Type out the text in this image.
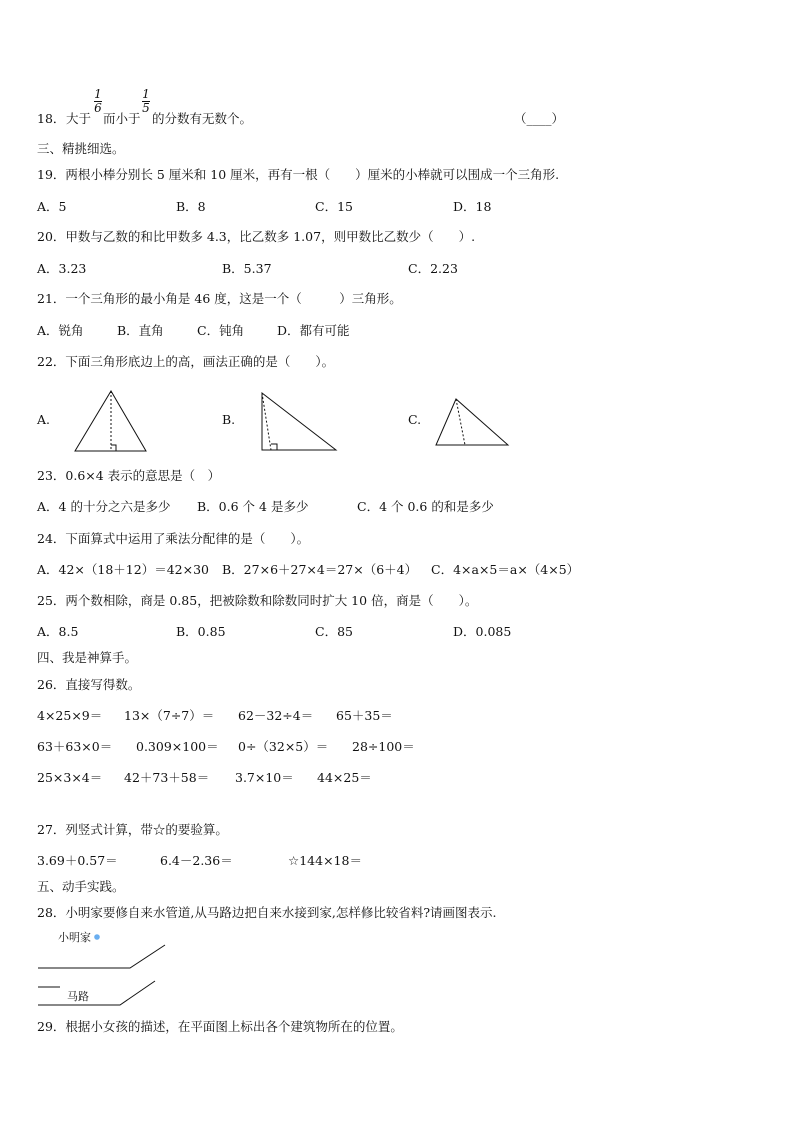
18． 大于
1
6
而小于
1
5
的分数有无数个。	（____）
三、精挑细选。
19．两根小棒分别长 5 厘米和 10 厘米，再有一根（　　）厘米的小棒就可以围成一个三角形.
A．5	B．8	C．15	D．18
20．甲数与乙数的和比甲数多 4.3，比乙数多 1.07，则甲数比乙数少（　　）.
A．3.23	B．5.37	C．2.23
21．一个三角形的最小角是 46 度，这是一个（　　　）三角形。
A．锐角	B．直角	C．钝角	D．都有可能
22．下面三角形底边上的高，画法正确的是（　　）。
A.	B.	C.
23．0.6×4 表示的意思是（　）
A．4 的十分之六是多少 B．0.6 个 4 是多少	C．4 个 0.6 的和是多少
24．下面算式中运用了乘法分配律的是（　　）。
A．42×（18＋12）＝42×30 B．27×6＋27×4＝27×（6＋4） C．4×a×5＝a×（4×5）
25．两个数相除，商是 0.85，把被除数和除数同时扩大 10 倍，商是（　　）。
A．8.5	B．0.85	C．85	D．0.085
四、我是神算手。
26．直接写得数。
4×25×9＝ 13×（7÷7）＝ 62－32÷4＝ 65＋35＝
63＋63×0＝ 0.309×100＝ 0÷（32×5）＝ 28÷100＝
25×3×4＝ 42＋73＋58＝ 3.7×10＝ 44×25＝
27．列竖式计算，带☆的要验算。
3.69＋0.57＝	6.4－2.36＝	☆144×18＝
五、动手实践。
28．小明家要修自来水管道,从马路边把自来水接到家,怎样修比较省料?请画图表示.
小明家
马路
29．根据小女孩的描述，在平面图上标出各个建筑物所在的位置。
